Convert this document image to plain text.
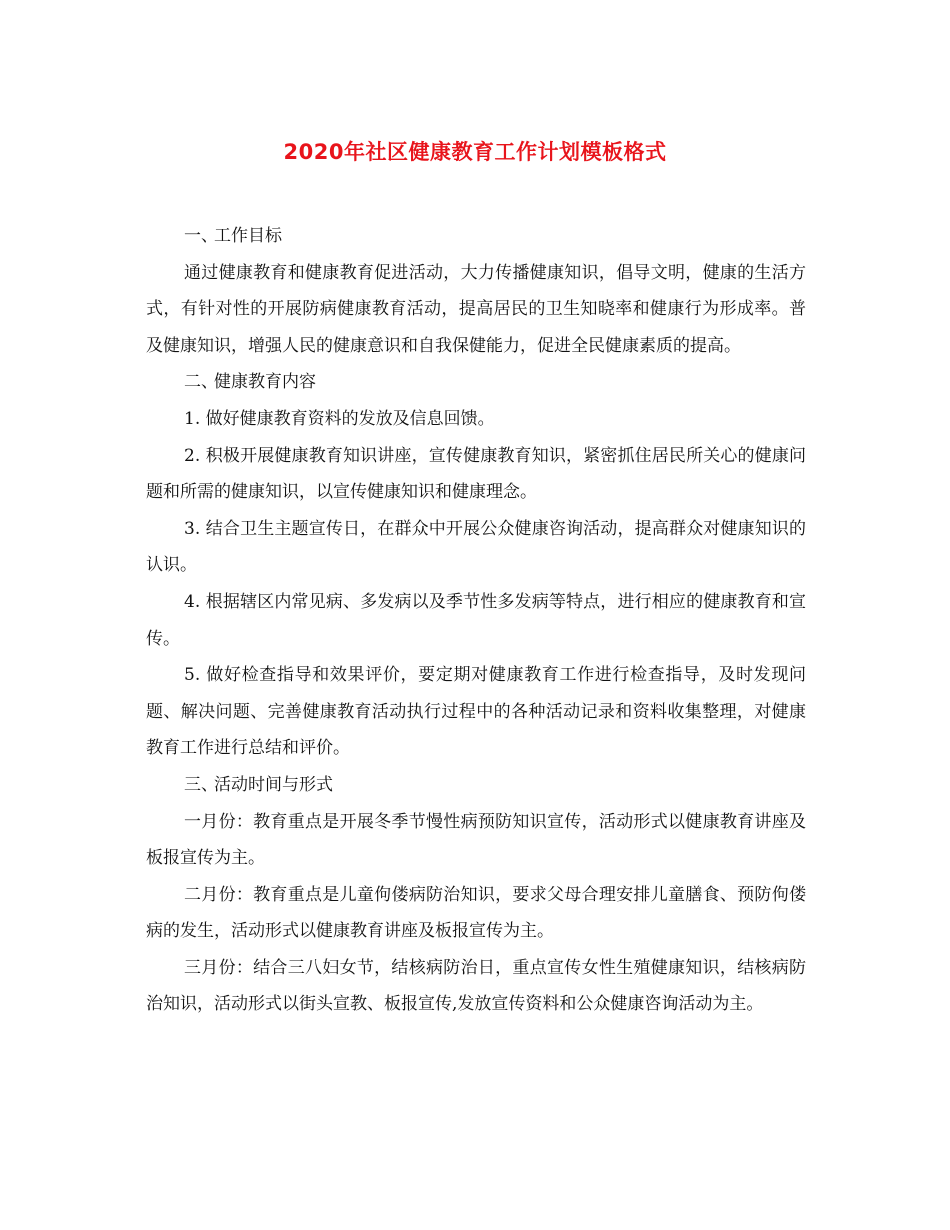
2020年社区健康教育工作计划模板格式

一、工作目标

通过健康教育和健康教育促进活动，大力传播健康知识，倡导文明，健康的生活方式，有针对性的开展防病健康教育活动，提高居民的卫生知晓率和健康行为形成率。普及健康知识，增强人民的健康意识和自我保健能力，促进全民健康素质的提高。

二、健康教育内容

1. 做好健康教育资料的发放及信息回馈。

2. 积极开展健康教育知识讲座，宣传健康教育知识，紧密抓住居民所关心的健康问题和所需的健康知识，以宣传健康知识和健康理念。

3. 结合卫生主题宣传日，在群众中开展公众健康咨询活动，提高群众对健康知识的认识。

4. 根据辖区内常见病、多发病以及季节性多发病等特点，进行相应的健康教育和宣传。

5. 做好检查指导和效果评价，要定期对健康教育工作进行检查指导，及时发现问题、解决问题、完善健康教育活动执行过程中的各种活动记录和资料收集整理，对健康教育工作进行总结和评价。

三、活动时间与形式

一月份：教育重点是开展冬季节慢性病预防知识宣传，活动形式以健康教育讲座及板报宣传为主。

二月份：教育重点是儿童佝偻病防治知识，要求父母合理安排儿童膳食、预防佝偻病的发生，活动形式以健康教育讲座及板报宣传为主。

三月份：结合三八妇女节，结核病防治日，重点宣传女性生殖健康知识，结核病防治知识，活动形式以街头宣教、板报宣传,发放宣传资料和公众健康咨询活动为主。
